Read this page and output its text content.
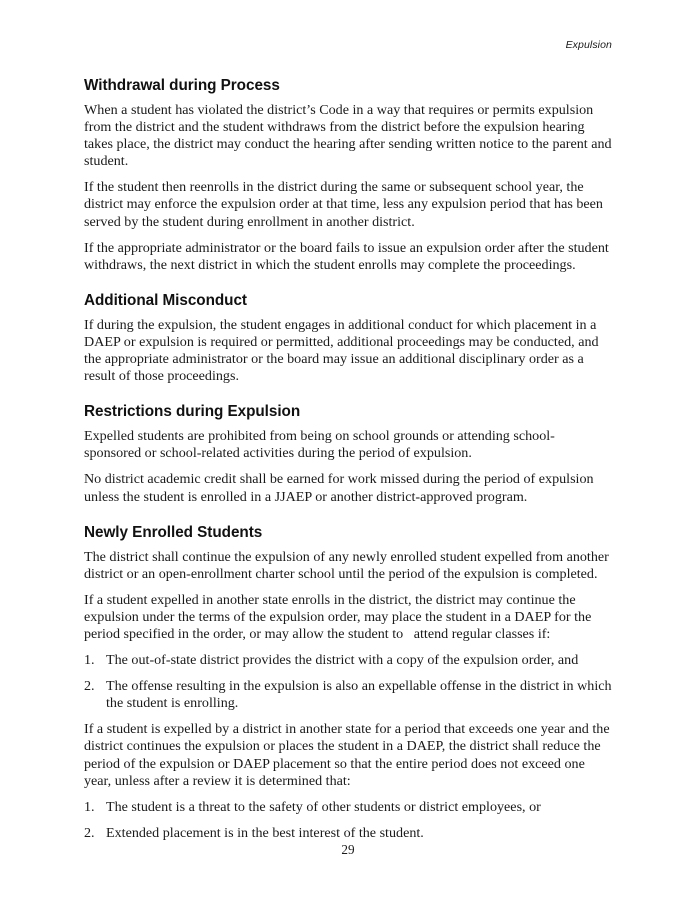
Expulsion
Withdrawal during Process

When a student has violated the district’s Code in a way that requires or permits expulsion from the district and the student withdraws from the district before the expulsion hearing takes place, the district may conduct the hearing after sending written notice to the parent and student.

If the student then reenrolls in the district during the same or subsequent school year, the district may enforce the expulsion order at that time, less any expulsion period that has been served by the student during enrollment in another district.

If the appropriate administrator or the board fails to issue an expulsion order after the student withdraws, the next district in which the student enrolls may complete the proceedings.

Additional Misconduct

If during the expulsion, the student engages in additional conduct for which placement in a DAEP or expulsion is required or permitted, additional proceedings may be conducted, and the appropriate administrator or the board may issue an additional disciplinary order as a result of those proceedings.

Restrictions during Expulsion

Expelled students are prohibited from being on school grounds or attending school-sponsored or school-related activities during the period of expulsion.

No district academic credit shall be earned for work missed during the period of expulsion unless the student is enrolled in a JJAEP or another district-approved program.

Newly Enrolled Students

The district shall continue the expulsion of any newly enrolled student expelled from another district or an open-enrollment charter school until the period of the expulsion is completed.

If a student expelled in another state enrolls in the district, the district may continue the expulsion under the terms of the expulsion order, may place the student in a DAEP for the period specified in the order, or may allow the student to   attend regular classes if:

1. The out-of-state district provides the district with a copy of the expulsion order, and
2. The offense resulting in the expulsion is also an expellable offense in the district in which the student is enrolling.

If a student is expelled by a district in another state for a period that exceeds one year and the district continues the expulsion or places the student in a DAEP, the district shall reduce the period of the expulsion or DAEP placement so that the entire period does not exceed one year, unless after a review it is determined that:

1. The student is a threat to the safety of other students or district employees, or
2. Extended placement is in the best interest of the student.
29
